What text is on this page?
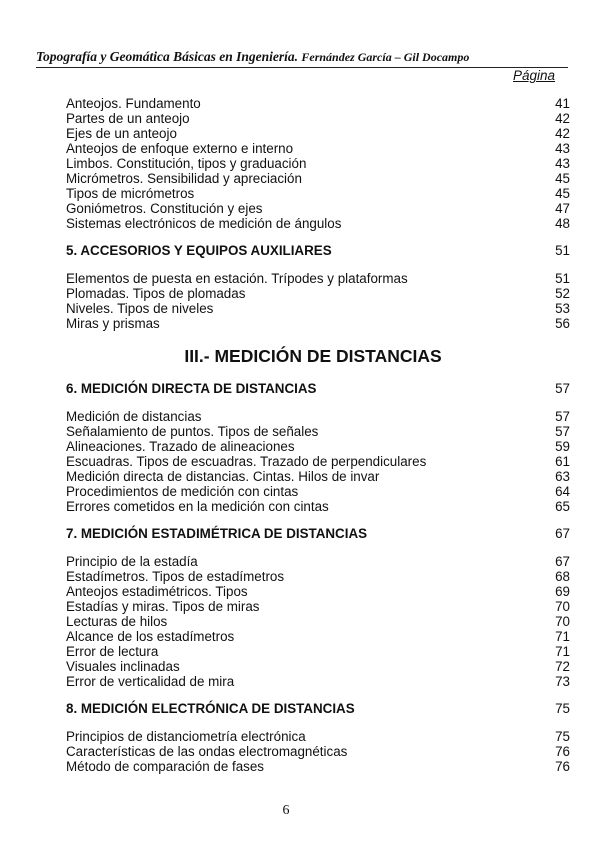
Topografía y Geomática Básicas en Ingeniería. Fernández García – Gil Docampo
Página
Anteojos. Fundamento	41
Partes de un anteojo	42
Ejes de un anteojo	42
Anteojos de enfoque externo e interno	43
Limbos. Constitución, tipos y graduación	43
Micrómetros. Sensibilidad y apreciación	45
Tipos de micrómetros	45
Goniómetros. Constitución y ejes	47
Sistemas electrónicos de medición de ángulos	48
5. ACCESORIOS Y EQUIPOS AUXILIARES	51
Elementos de puesta en estación. Trípodes y plataformas	51
Plomadas. Tipos de plomadas	52
Niveles. Tipos de niveles	53
Miras y prismas	56
III.- MEDICIÓN DE DISTANCIAS
6. MEDICIÓN DIRECTA DE DISTANCIAS	57
Medición de distancias	57
Señalamiento de puntos. Tipos de señales	57
Alineaciones. Trazado de alineaciones	59
Escuadras. Tipos de escuadras. Trazado de perpendiculares	61
Medición directa de distancias. Cintas. Hilos de invar	63
Procedimientos de medición con cintas	64
Errores cometidos en la medición con cintas	65
7. MEDICIÓN ESTADIMÉTRICA DE DISTANCIAS	67
Principio de la estadía	67
Estadímetros. Tipos de estadímetros	68
Anteojos estadimétricos. Tipos	69
Estadías y miras. Tipos de miras	70
Lecturas de hilos	70
Alcance de los estadímetros	71
Error de lectura	71
Visuales inclinadas	72
Error de verticalidad de mira	73
8. MEDICIÓN ELECTRÓNICA DE DISTANCIAS	75
Principios de distanciometría electrónica	75
Características de las ondas electromagnéticas	76
Método de comparación de fases	76
6
